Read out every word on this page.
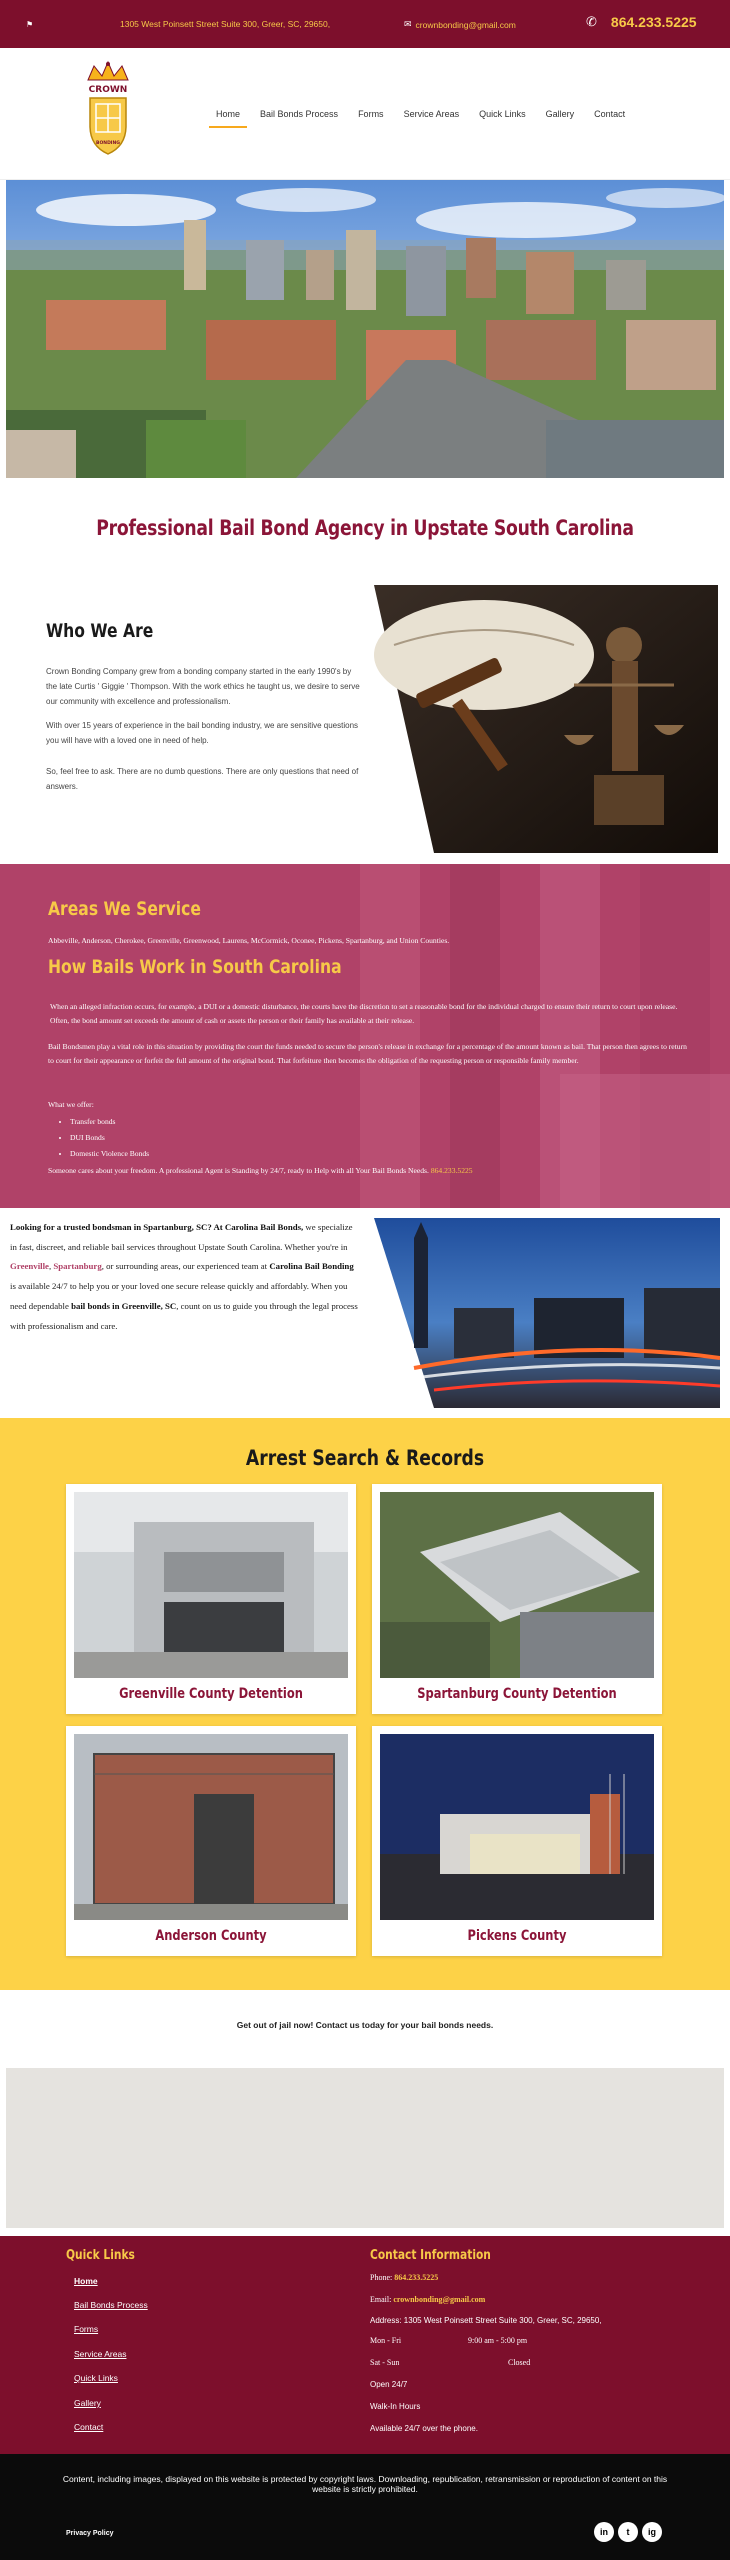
⚑	1305 West Poinsett Street Suite 300, Greer, SC, 29650,	✉ crownbonding@gmail.com	✆ 864.233.5225
CROWN
BONDING
Home	Bail Bonds Process	Forms	Service Areas	Quick Links	Gallery	Contact
Professional Bail Bond Agency in Upstate South Carolina
Who We Are

Crown Bonding Company grew from a bonding company started in the early 1990's by the late Curtis ' Giggie ' Thompson. With the work ethics he taught us, we desire to serve our community with excellence and professionalism.

With over 15 years of experience in the bail bonding industry, we are sensitive questions you will have with a loved one in need of help.

So, feel free to ask. There are no dumb questions. There are only questions that need of answers.

Areas We Service

Abbeville, Anderson, Cherokee, Greenville, Greenwood, Laurens, McCormick, Oconee, Pickens, Spartanburg, and Union Counties.

How Bails Work in South Carolina

When an alleged infraction occurs, for example, a DUI or a domestic disturbance, the courts have the discretion to set a reasonable bond for the individual charged to ensure their return to court upon release. Often, the bond amount set exceeds the amount of cash or assets the person or their family has available at their release.

Bail Bondsmen play a vital role in this situation by providing the court the funds needed to secure the person's release in exchange for a percentage of the amount known as bail. That person then agrees to return to court for their appearance or forfeit the full amount of the original bond. That forfeiture then becomes the obligation of the requesting person or responsible family member.

What we offer:

• Transfer bonds
• DUI Bonds
• Domestic Violence Bonds

Someone cares about your freedom. A professional Agent is Standing by 24/7, ready to Help with all Your Bail Bonds Needs. 864.233.5225

Looking for a trusted bondsman in Spartanburg, SC? At Carolina Bail Bonds, we specialize in fast, discreet, and reliable bail services throughout Upstate South Carolina. Whether you're in Greenville, Spartanburg, or surrounding areas, our experienced team at Carolina Bail Bonding is available 24/7 to help you or your loved one secure release quickly and affordably. When you need dependable bail bonds in Greenville, SC, count on us to guide you through the legal process with professionalism and care.

Arrest Search & Records
Greenville County Detention	Spartanburg County Detention
Anderson County	Pickens County

Get out of jail now! Contact us today for your bail bonds needs.

Quick Links
Home
Bail Bonds Process
Forms
Service Areas
Quick Links
Gallery
Contact
Contact Information
Phone: 864.233.5225
Email: crownbonding@gmail.com
Address: 1305 West Poinsett Street Suite 300, Greer, SC, 29650,
Mon - Fri	9:00 am - 5:00 pm
Sat - Sun	Closed
Open 24/7
Walk-In Hours
Available 24/7 over the phone.

Content, including images, displayed on this website is protected by copyright laws. Downloading, republication, retransmission or reproduction of content on this website is strictly prohibited.

Privacy Policy	in	t	ig
